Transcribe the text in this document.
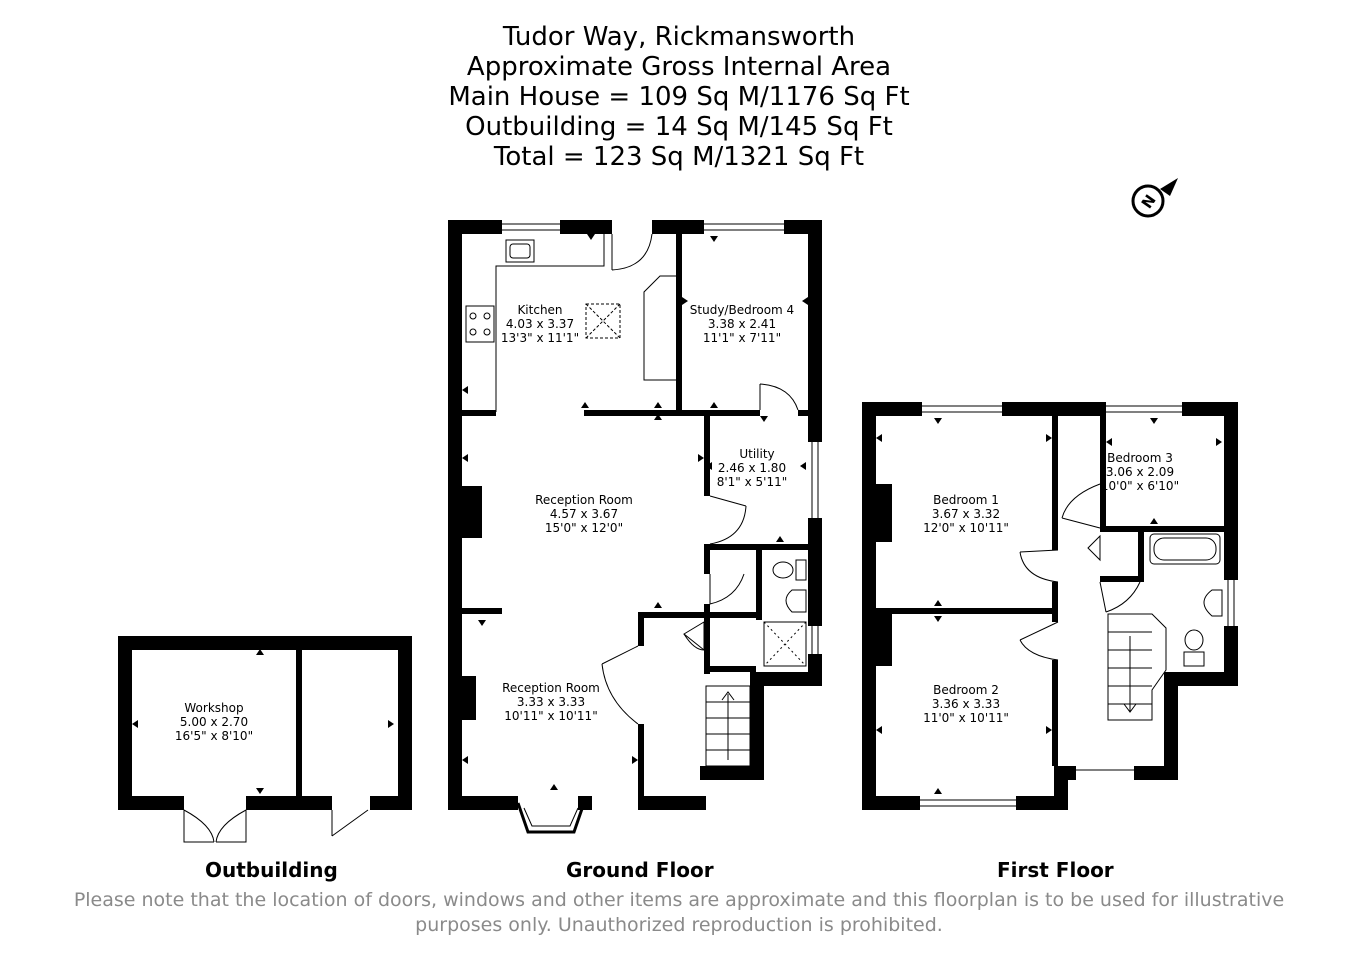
Tudor Way, Rickmansworth
Approximate Gross Internal Area
Main House = 109 Sq M/1176 Sq Ft
Outbuilding = 14 Sq M/145 Sq Ft
Total = 123 Sq M/1321 Sq Ft
N
Kitchen
4.03 x 3.37
13'3" x 11'1"
Study/Bedroom 4
3.38 x 2.41
11'1" x 7'11"
Utility
2.46 x 1.80
8'1" x 5'11"
Reception Room
4.57 x 3.67
15'0" x 12'0"
Reception Room
3.33 x 3.33
10'11" x 10'11"
Workshop
5.00 x 2.70
16'5" x 8'10"
Bedroom 1
3.67 x 3.32
12'0" x 10'11"
Bedroom 2
3.36 x 3.33
11'0" x 10'11"
Bedroom 3
3.06 x 2.09
10'0" x 6'10"
Outbuilding	Ground Floor	First Floor
Please note that the location of doors, windows and other items are approximate and this floorplan is to be used for illustrative purposes only. Unauthorized reproduction is prohibited.
